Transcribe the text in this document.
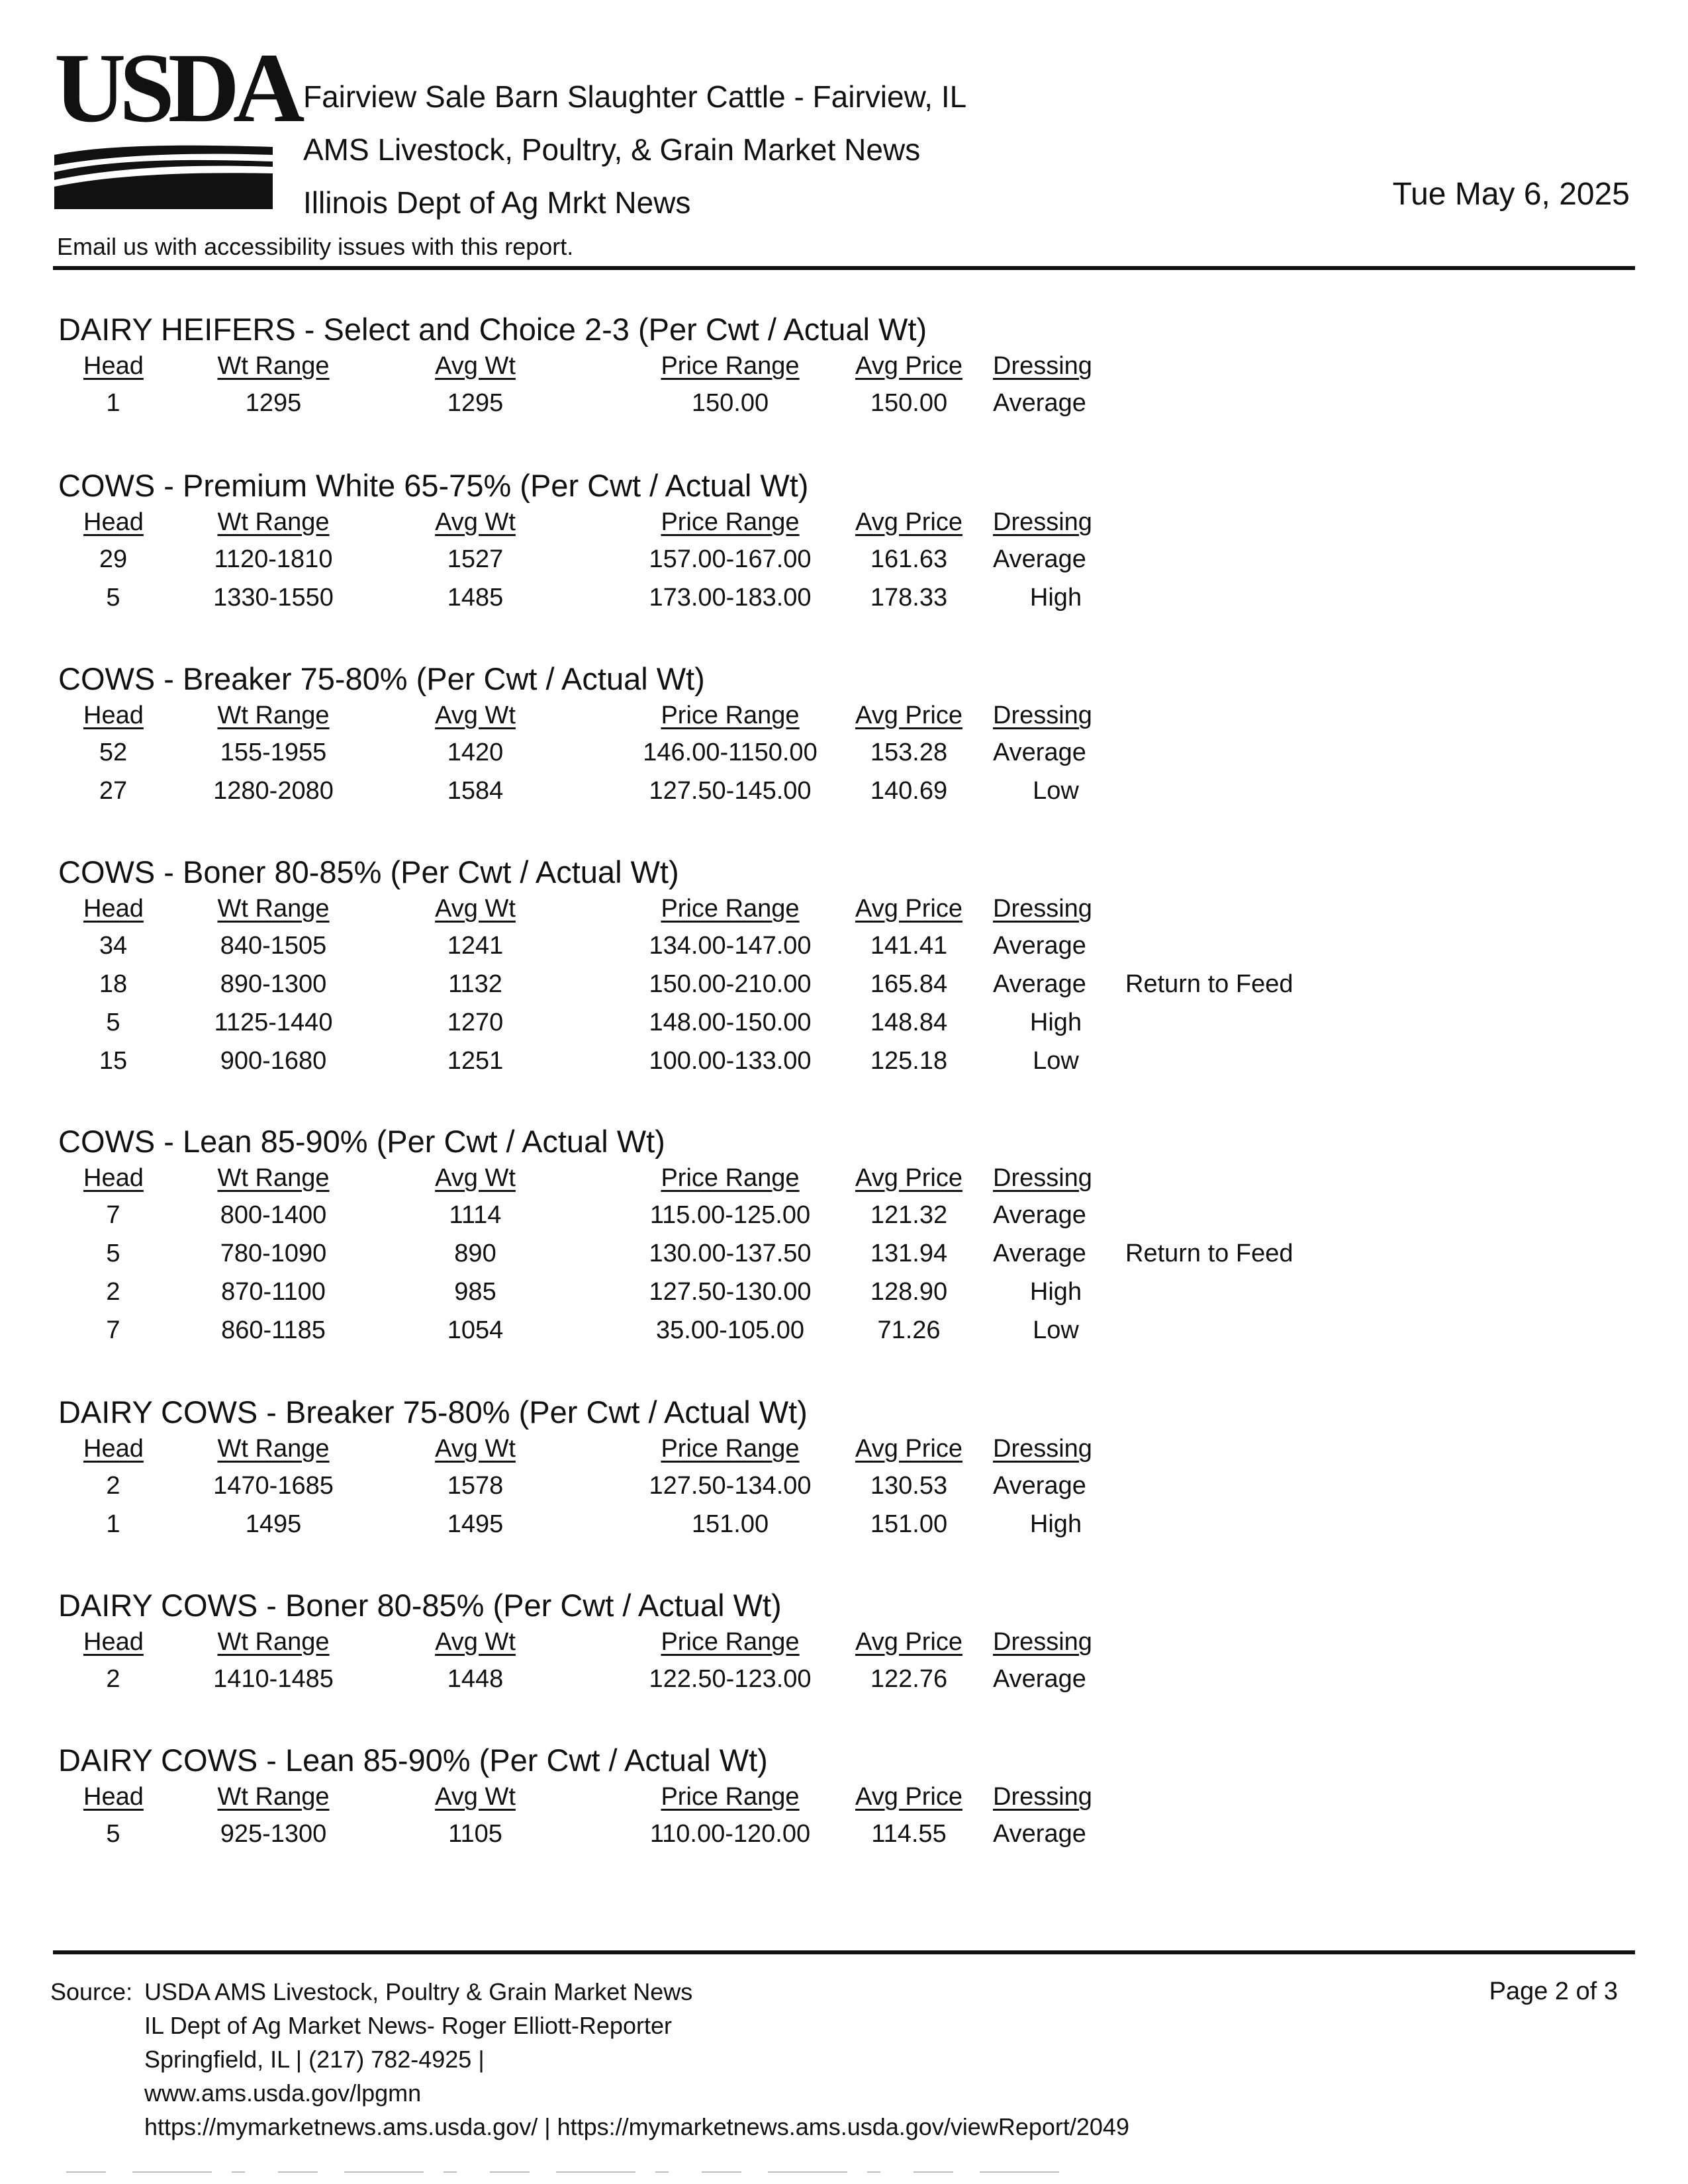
USDA Fairview Sale Barn Slaughter Cattle - Fairview, IL
AMS Livestock, Poultry, & Grain Market News
Illinois Dept of Ag Mrkt News	Tue May 6, 2025
Email us with accessibility issues with this report.
DAIRY HEIFERS - Select and Choice 2-3 (Per Cwt / Actual Wt)
Head	Wt Range	Avg Wt	Price Range	Avg Price	Dressing
1	1295	1295	150.00	150.00	Average
COWS - Premium White 65-75% (Per Cwt / Actual Wt)
Head	Wt Range	Avg Wt	Price Range	Avg Price	Dressing
29	1120-1810	1527	157.00-167.00	161.63	Average
5	1330-1550	1485	173.00-183.00	178.33	High
COWS - Breaker 75-80% (Per Cwt / Actual Wt)
Head	Wt Range	Avg Wt	Price Range	Avg Price	Dressing
52	155-1955	1420	146.00-1150.00	153.28	Average
27	1280-2080	1584	127.50-145.00	140.69	Low
COWS - Boner 80-85% (Per Cwt / Actual Wt)
Head	Wt Range	Avg Wt	Price Range	Avg Price	Dressing
34	840-1505	1241	134.00-147.00	141.41	Average
18	890-1300	1132	150.00-210.00	165.84	Average	Return to Feed
5	1125-1440	1270	148.00-150.00	148.84	High
15	900-1680	1251	100.00-133.00	125.18	Low
COWS - Lean 85-90% (Per Cwt / Actual Wt)
Head	Wt Range	Avg Wt	Price Range	Avg Price	Dressing
7	800-1400	1114	115.00-125.00	121.32	Average
5	780-1090	890	130.00-137.50	131.94	Average	Return to Feed
2	870-1100	985	127.50-130.00	128.90	High
7	860-1185	1054	35.00-105.00	71.26	Low
DAIRY COWS - Breaker 75-80% (Per Cwt / Actual Wt)
Head	Wt Range	Avg Wt	Price Range	Avg Price	Dressing
2	1470-1685	1578	127.50-134.00	130.53	Average
1	1495	1495	151.00	151.00	High
DAIRY COWS - Boner 80-85% (Per Cwt / Actual Wt)
Head	Wt Range	Avg Wt	Price Range	Avg Price	Dressing
2	1410-1485	1448	122.50-123.00	122.76	Average
DAIRY COWS - Lean 85-90% (Per Cwt / Actual Wt)
Head	Wt Range	Avg Wt	Price Range	Avg Price	Dressing
5	925-1300	1105	110.00-120.00	114.55	Average
Source: USDA AMS Livestock, Poultry & Grain Market News
IL Dept of Ag Market News- Roger Elliott-Reporter
Springfield, IL | (217) 782-4925 |
www.ams.usda.gov/lpgmn
https://mymarketnews.ams.usda.gov/ | https://mymarketnews.ams.usda.gov/viewReport/2049
Page 2 of 3
